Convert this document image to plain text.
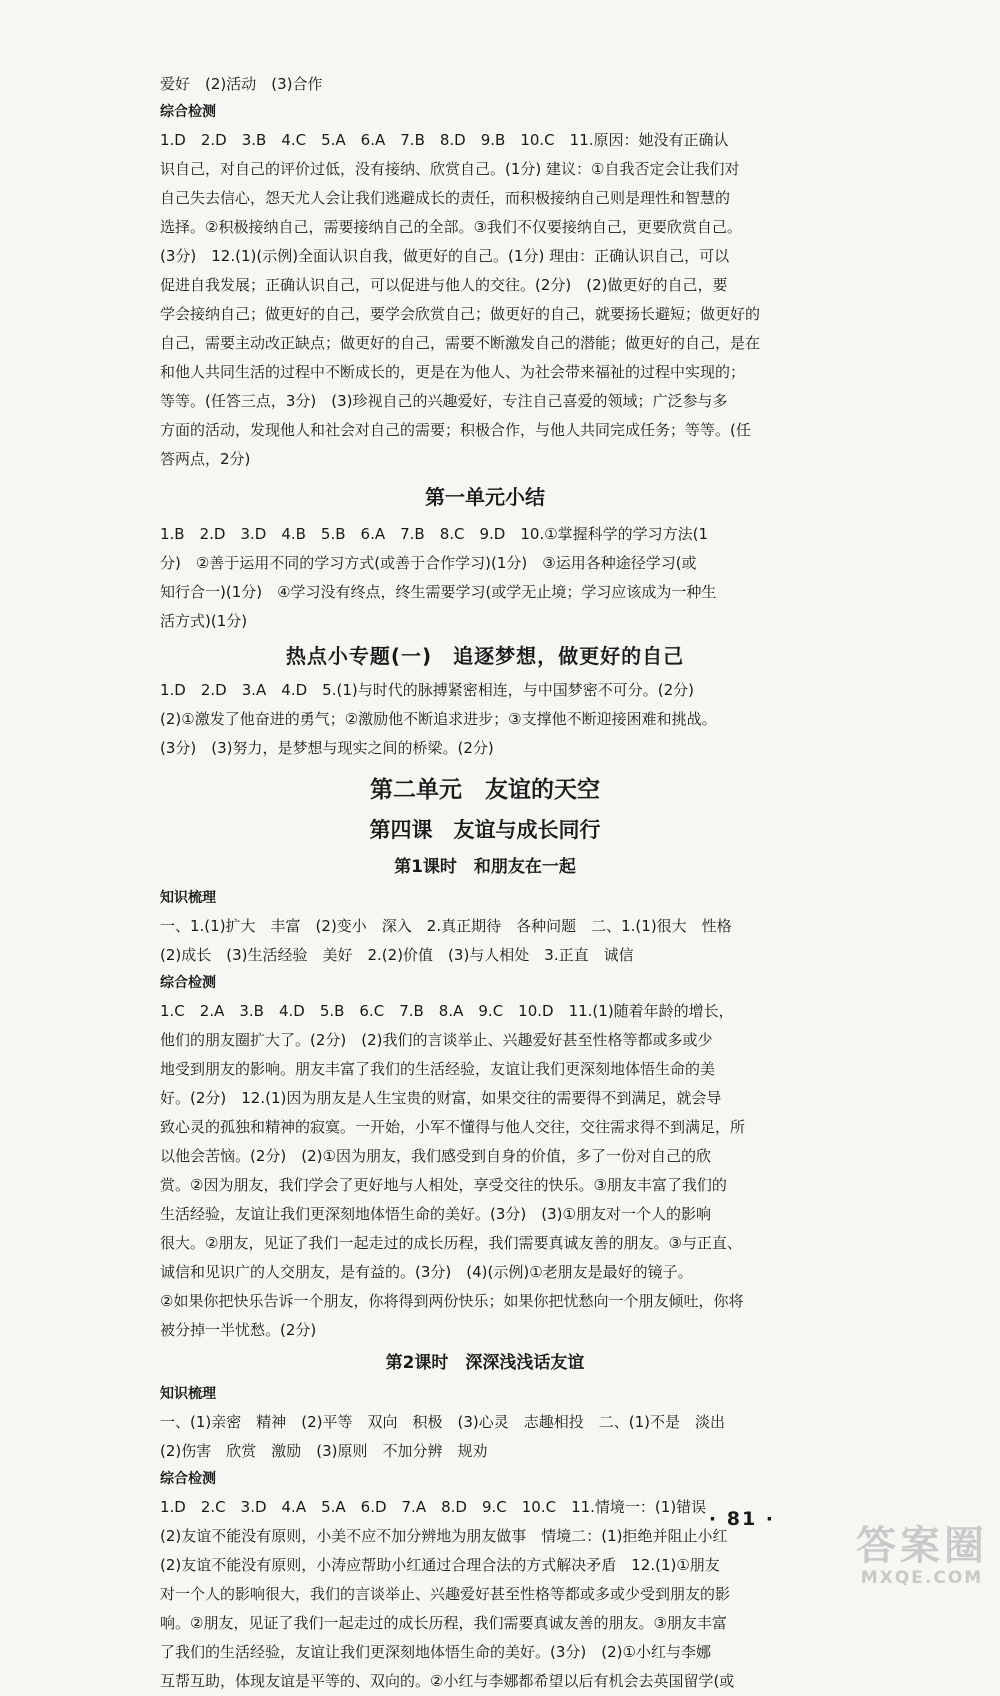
爱好　(2)活动　(3)合作
综合检测
1.D　2.D　3.B　4.C　5.A　6.A　7.B　8.D　9.B　10.C　11.原因：她没有正确认
识自己，对自己的评价过低，没有接纳、欣赏自己。(1分) 建议：①自我否定会让我们对
自己失去信心，怨天尤人会让我们逃避成长的责任，而积极接纳自己则是理性和智慧的
选择。②积极接纳自己，需要接纳自己的全部。③我们不仅要接纳自己，更要欣赏自己。
(3分)　12.(1)(示例)全面认识自我，做更好的自己。(1分) 理由：正确认识自己，可以
促进自我发展；正确认识自己，可以促进与他人的交往。(2分)　(2)做更好的自己，要
学会接纳自己；做更好的自己，要学会欣赏自己；做更好的自己，就要扬长避短；做更好的
自己，需要主动改正缺点；做更好的自己，需要不断激发自己的潜能；做更好的自己，是在
和他人共同生活的过程中不断成长的，更是在为他人、为社会带来福祉的过程中实现的；
等等。(任答三点，3分)　(3)珍视自己的兴趣爱好，专注自己喜爱的领域；广泛参与多
方面的活动，发现他人和社会对自己的需要；积极合作，与他人共同完成任务；等等。(任
答两点，2分)
第一单元小结
1.B　2.D　3.D　4.B　5.B　6.A　7.B　8.C　9.D　10.①掌握科学的学习方法(1
分)　②善于运用不同的学习方式(或善于合作学习)(1分)　③运用各种途径学习(或
知行合一)(1分)　④学习没有终点，终生需要学习(或学无止境；学习应该成为一种生
活方式)(1分)
热点小专题(一)　追逐梦想，做更好的自己
1.D　2.D　3.A　4.D　5.(1)与时代的脉搏紧密相连，与中国梦密不可分。(2分)
(2)①激发了他奋进的勇气；②激励他不断追求进步；③支撑他不断迎接困难和挑战。
(3分)　(3)努力，是梦想与现实之间的桥梁。(2分)
第二单元　友谊的天空
第四课　友谊与成长同行
第1课时　和朋友在一起
知识梳理
一、1.(1)扩大　丰富　(2)变小　深入　2.真正期待　各种问题　二、1.(1)很大　性格
(2)成长　(3)生活经验　美好　2.(2)价值　(3)与人相处　3.正直　诚信
综合检测
1.C　2.A　3.B　4.D　5.B　6.C　7.B　8.A　9.C　10.D　11.(1)随着年龄的增长，
他们的朋友圈扩大了。(2分)　(2)我们的言谈举止、兴趣爱好甚至性格等都或多或少
地受到朋友的影响。朋友丰富了我们的生活经验，友谊让我们更深刻地体悟生命的美
好。(2分)　12.(1)因为朋友是人生宝贵的财富，如果交往的需要得不到满足，就会导
致心灵的孤独和精神的寂寞。一开始，小军不懂得与他人交往，交往需求得不到满足，所
以他会苦恼。(2分)　(2)①因为朋友，我们感受到自身的价值，多了一份对自己的欣
赏。②因为朋友，我们学会了更好地与人相处，享受交往的快乐。③朋友丰富了我们的
生活经验，友谊让我们更深刻地体悟生命的美好。(3分)　(3)①朋友对一个人的影响
很大。②朋友，见证了我们一起走过的成长历程，我们需要真诚友善的朋友。③与正直、
诚信和见识广的人交朋友，是有益的。(3分)　(4)(示例)①老朋友是最好的镜子。
②如果你把快乐告诉一个朋友，你将得到两份快乐；如果你把忧愁向一个朋友倾吐，你将
被分掉一半忧愁。(2分)
第2课时　深深浅浅话友谊
知识梳理
一、(1)亲密　精神　(2)平等　双向　积极　(3)心灵　志趣相投　二、(1)不是　淡出
(2)伤害　欣赏　激励　(3)原则　不加分辨　规劝
综合检测
1.D　2.C　3.D　4.A　5.A　6.D　7.A　8.D　9.C　10.C　11.情境一：(1)错误
(2)友谊不能没有原则，小美不应不加分辨地为朋友做事　情境二：(1)拒绝并阻止小红
(2)友谊不能没有原则，小涛应帮助小红通过合理合法的方式解决矛盾　12.(1)①朋友
对一个人的影响很大，我们的言谈举止、兴趣爱好甚至性格等都或多或少受到朋友的影
响。②朋友，见证了我们一起走过的成长历程，我们需要真诚友善的朋友。③朋友丰富
了我们的生活经验，友谊让我们更深刻地体悟生命的美好。(3分)　(2)①小红与李娜
互帮互助，体现友谊是平等的、双向的。②小红与李娜都希望以后有机会去英国留学(或
· 81 ·
答案圈
MXQE.COM
